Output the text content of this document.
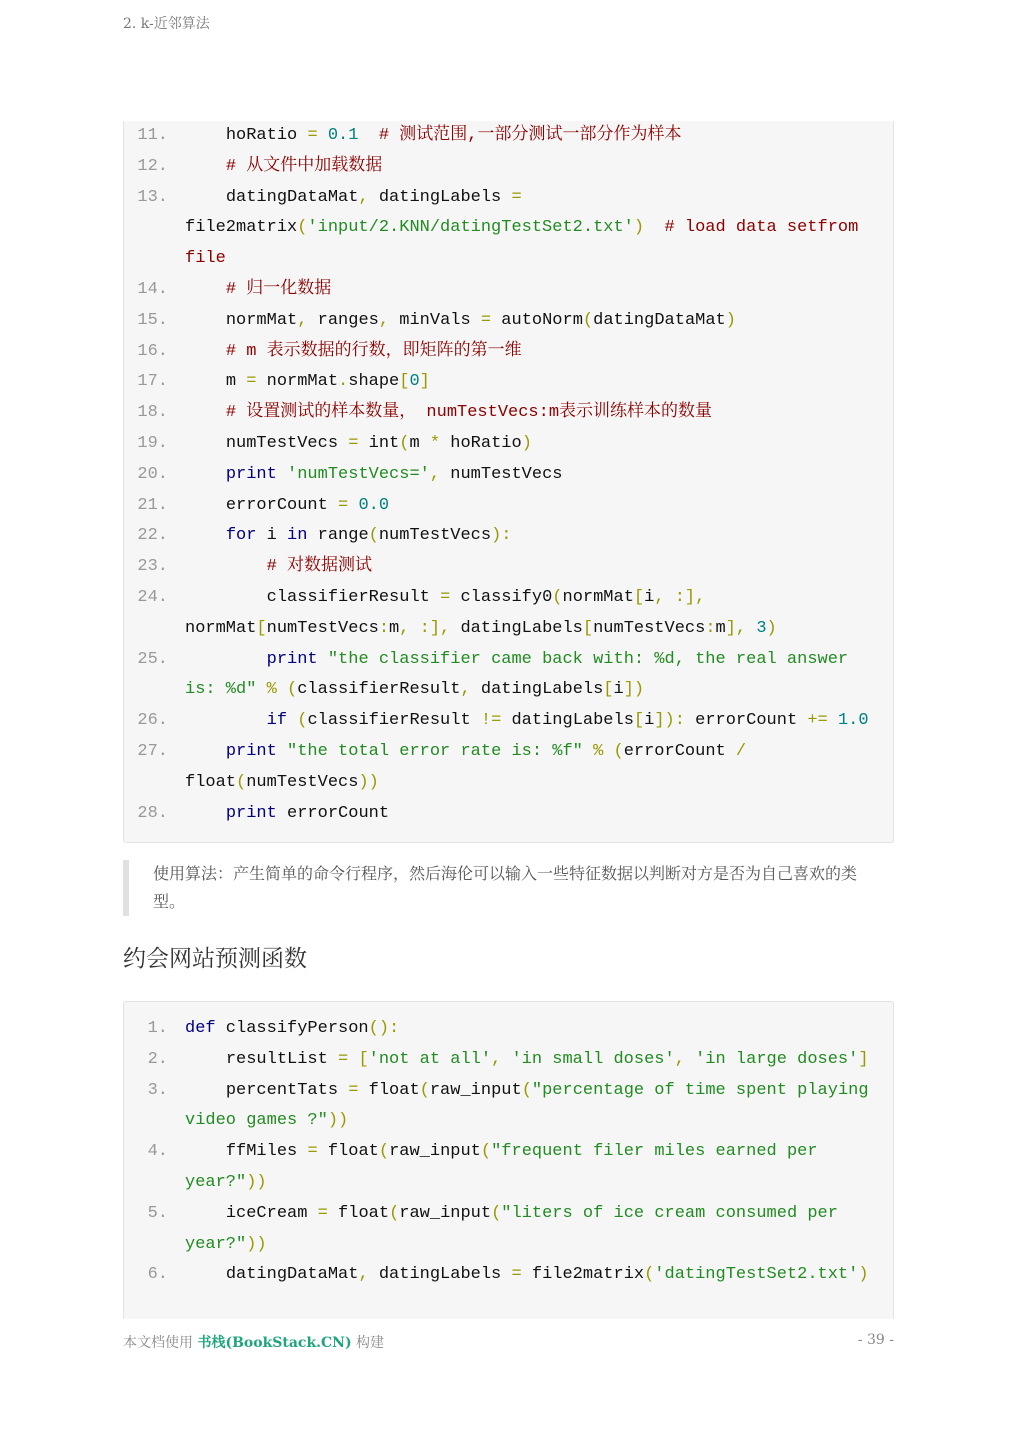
2. k-近邻算法
11. hoRatio = 0.1 # 测试范围,一部分测试一部分作为样本
12.	# 从文件中加载数据
13. datingDataMat, datingLabels =
file2matrix('input/2.KNN/datingTestSet2.txt') # load data setfrom
file
14.	# 归一化数据
15. normMat, ranges, minVals = autoNorm(datingDataMat)
16.	# m 表示数据的行数，即矩阵的第一维
17. m = normMat.shape[0]
18.	# 设置测试的样本数量， numTestVecs:m表示训练样本的数量
19. numTestVecs = int(m * hoRatio)
20.	print 'numTestVecs=', numTestVecs
21. errorCount = 0.0
22.	for i in range(numTestVecs):
23.	# 对数据测试
24. classifierResult = classify0(normMat[i, :],
normMat[numTestVecs:m, :], datingLabels[numTestVecs:m], 3)
25.	print "the classifier came back with: %d, the real answer
is: %d" % (classifierResult, datingLabels[i])
26.	if (classifierResult != datingLabels[i]): errorCount += 1.0
27.	print "the total error rate is: %f" % (errorCount /
float(numTestVecs))
28.	print errorCount
使用算法：产生简单的命令行程序，然后海伦可以输入一些特征数据以判断对方是否为自己喜欢的类型。
约会网站预测函数
1. def classifyPerson():
2. resultList = ['not at all', 'in small doses', 'in large doses']
3. percentTats = float(raw_input("percentage of time spent playing
video games ?"))
4. ffMiles = float(raw_input("frequent filer miles earned per
year?"))
5. iceCream = float(raw_input("liters of ice cream consumed per
year?"))
6. datingDataMat, datingLabels = file2matrix('datingTestSet2.txt')
本文档使用 书栈(BookStack.CN) 构建	- 39 -
